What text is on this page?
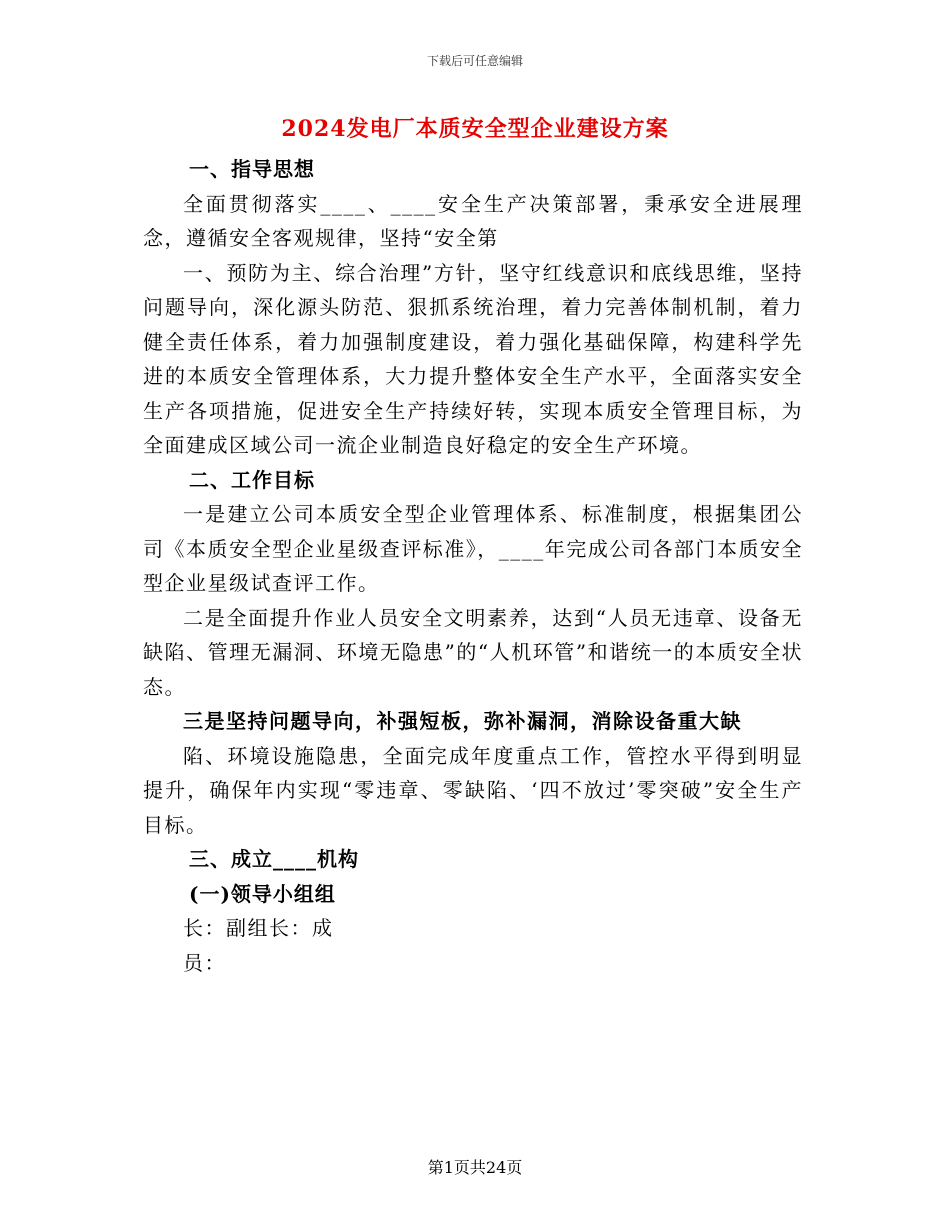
下载后可任意编辑
2024发电厂本质安全型企业建设方案

一、指导思想

全面贯彻落实____、____安全生产决策部署，秉承安全进展理念，遵循安全客观规律，坚持“安全第

一、预防为主、综合治理”方针，坚守红线意识和底线思维，坚持问题导向，深化源头防范、狠抓系统治理，着力完善体制机制，着力健全责任体系，着力加强制度建设，着力强化基础保障，构建科学先进的本质安全管理体系，大力提升整体安全生产水平，全面落实安全生产各项措施，促进安全生产持续好转，实现本质安全管理目标，为全面建成区域公司一流企业制造良好稳定的安全生产环境。

二、工作目标

一是建立公司本质安全型企业管理体系、标准制度，根据集团公司《本质安全型企业星级查评标准》，____年完成公司各部门本质安全型企业星级试查评工作。

二是全面提升作业人员安全文明素养，达到“人员无违章、设备无缺陷、管理无漏洞、环境无隐患”的“人机环管”和谐统一的本质安全状态。

三是坚持问题导向，补强短板，弥补漏洞，消除设备重大缺

陷、环境设施隐患，全面完成年度重点工作，管控水平得到明显提升，确保年内实现“零违章、零缺陷、‘四不放过’零突破”安全生产目标。

三、成立____机构

(一)领导小组组

长：副组长：成

员：

第1页共24页
